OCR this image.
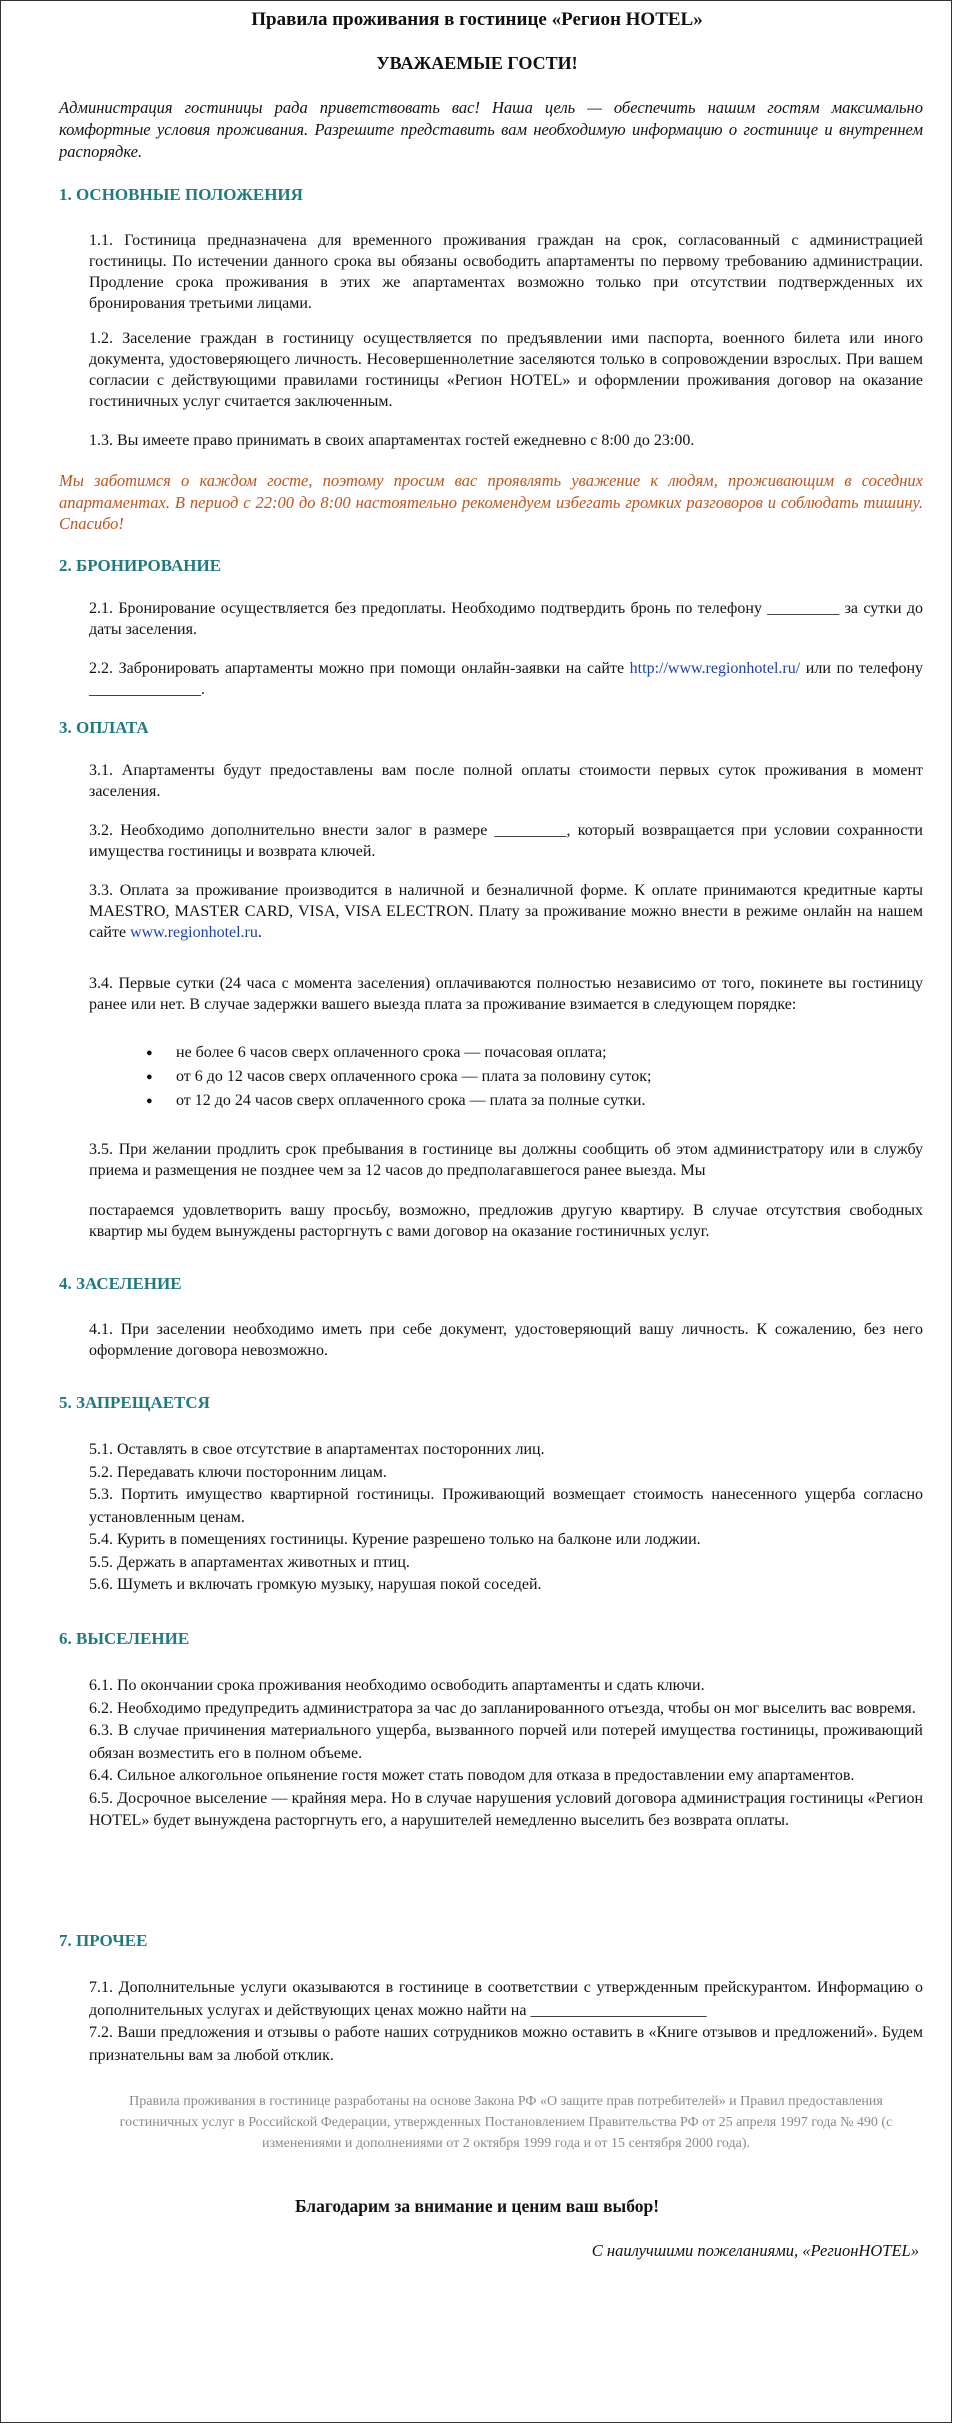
Правила проживания в гостинице «Регион HOTEL»
УВАЖАЕМЫЕ ГОСТИ!
Администрация гостиницы рада приветствовать вас! Наша цель — обеспечить нашим гостям максимально комфортные условия проживания. Разрешите представить вам необходимую информацию о гостинице и внутреннем распорядке.
1. ОСНОВНЫЕ ПОЛОЖЕНИЯ
1.1. Гостиница предназначена для временного проживания граждан на срок, согласованный с администрацией гостиницы. По истечении данного срока вы обязаны освободить апартаменты по первому требованию администрации. Продление срока проживания в этих же апартаментах возможно только при отсутствии подтвержденных их бронирования третьими лицами.
1.2. Заселение граждан в гостиницу осуществляется по предъявлении ими паспорта, военного билета или иного документа, удостоверяющего личность. Несовершеннолетние заселяются только в сопровождении взрослых. При вашем согласии с действующими правилами гостиницы «Регион HOTEL» и оформлении проживания договор на оказание гостиничных услуг считается заключенным.
1.3. Вы имеете право принимать в своих апартаментах гостей ежедневно с 8:00 до 23:00.
Мы заботимся о каждом госте, поэтому просим вас проявлять уважение к людям, проживающим в соседних апартаментах. В период с 22:00 до 8:00 настоятельно рекомендуем избегать громких разговоров и соблюдать тишину. Спасибо!
2. БРОНИРОВАНИЕ
2.1. Бронирование осуществляется без предоплаты. Необходимо подтвердить бронь по телефону _________ за сутки до даты заселения.
2.2. Забронировать апартаменты можно при помощи онлайн-заявки на сайте http://www.regionhotel.ru/ или по телефону ______________.
3. ОПЛАТА
3.1. Апартаменты будут предоставлены вам после полной оплаты стоимости первых суток проживания в момент заселения.
3.2. Необходимо дополнительно внести залог в размере _________, который возвращается при условии сохранности имущества гостиницы и возврата ключей.
3.3. Оплата за проживание производится в наличной и безналичной форме. К оплате принимаются кредитные карты MAESTRO, MASTER CARD, VISA, VISA ELECTRON. Плату за проживание можно внести в режиме онлайн на нашем сайте www.regionhotel.ru.
3.4. Первые сутки (24 часа с момента заселения) оплачиваются полностью независимо от того, покинете вы гостиницу ранее или нет. В случае задержки вашего выезда плата за проживание взимается в следующем порядке:
● не более 6 часов сверх оплаченного срока — почасовая оплата;
● от 6 до 12 часов сверх оплаченного срока — плата за половину суток;
● от 12 до 24 часов сверх оплаченного срока — плата за полные сутки.
3.5. При желании продлить срок пребывания в гостинице вы должны сообщить об этом администратору или в службу приема и размещения не позднее чем за 12 часов до предполагавшегося ранее выезда. Мы
постараемся удовлетворить вашу просьбу, возможно, предложив другую квартиру. В случае отсутствия свободных квартир мы будем вынуждены расторгнуть с вами договор на оказание гостиничных услуг.
4. ЗАСЕЛЕНИЕ
4.1. При заселении необходимо иметь при себе документ, удостоверяющий вашу личность. К сожалению, без него оформление договора невозможно.
5. ЗАПРЕЩАЕТСЯ
5.1. Оставлять в свое отсутствие в апартаментах посторонних лиц.
5.2. Передавать ключи посторонним лицам.
5.3. Портить имущество квартирной гостиницы. Проживающий возмещает стоимость нанесенного ущерба согласно установленным ценам.
5.4. Курить в помещениях гостиницы. Курение разрешено только на балконе или лоджии.
5.5. Держать в апартаментах животных и птиц.
5.6. Шуметь и включать громкую музыку, нарушая покой соседей.
6. ВЫСЕЛЕНИЕ
6.1. По окончании срока проживания необходимо освободить апартаменты и сдать ключи.
6.2. Необходимо предупредить администратора за час до запланированного отъезда, чтобы он мог выселить вас вовремя.
6.3. В случае причинения материального ущерба, вызванного порчей или потерей имущества гостиницы, проживающий обязан возместить его в полном объеме.
6.4. Сильное алкогольное опьянение гостя может стать поводом для отказа в предоставлении ему апартаментов.
6.5. Досрочное выселение — крайняя мера. Но в случае нарушения условий договора администрация гостиницы «Регион HOTEL» будет вынуждена расторгнуть его, а нарушителей немедленно выселить без возврата оплаты.
7. ПРОЧЕЕ
7.1. Дополнительные услуги оказываются в гостинице в соответствии с утвержденным прейскурантом. Информацию о дополнительных услугах и действующих ценах можно найти на ______________________
7.2. Ваши предложения и отзывы о работе наших сотрудников можно оставить в «Книге отзывов и предложений». Будем признательны вам за любой отклик.
Правила проживания в гостинице разработаны на основе Закона РФ «О защите прав потребителей» и Правил предоставления гостиничных услуг в Российской Федерации, утвержденных Постановлением Правительства РФ от 25 апреля 1997 года № 490 (с изменениями и дополнениями от 2 октября 1999 года и от 15 сентября 2000 года).
Благодарим за внимание и ценим ваш выбор!
С наилучшими пожеланиями, «РегионHOTEL»
